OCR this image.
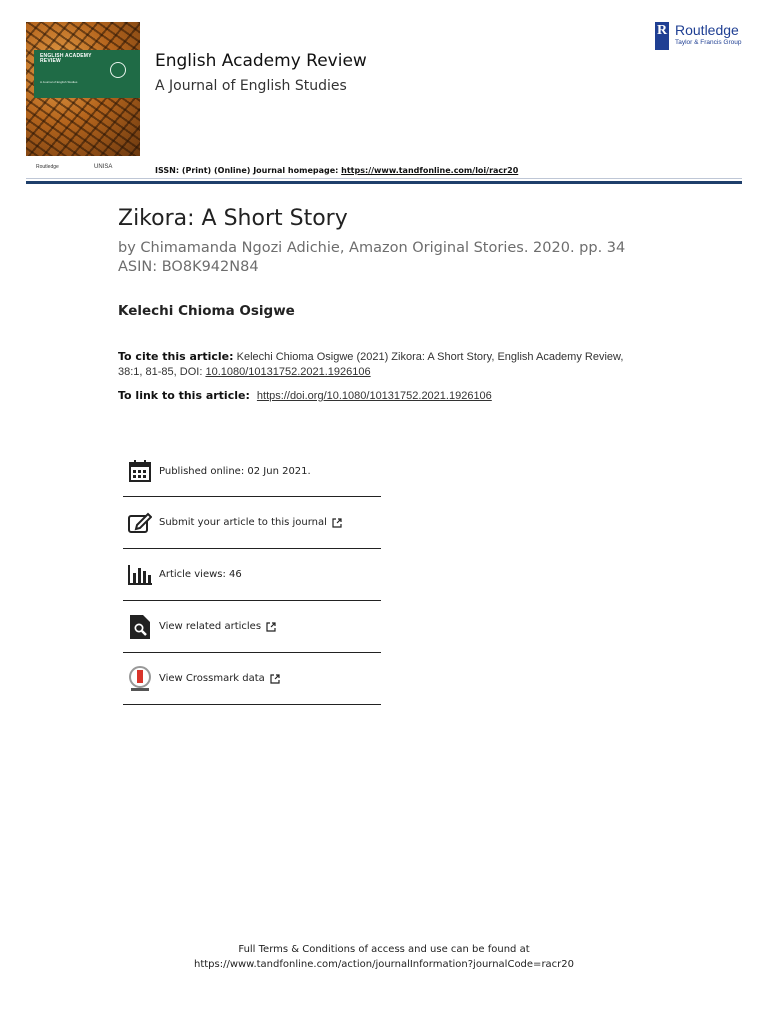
ENGLISH ACADEMY REVIEW
A Journal of English Studies
Routledge	UNISA
English Academy Review
A Journal of English Studies
ISSN: (Print) (Online) Journal homepage: https://www.tandfonline.com/loi/racr20
R Routledge
Taylor & Francis Group
Zikora: A Short Story
by Chimamanda Ngozi Adichie, Amazon Original Stories. 2020. pp. 34 ASIN: BO8K942N84
Kelechi Chioma Osigwe
To cite this article: Kelechi Chioma Osigwe (2021) Zikora: A Short Story, English Academy Review, 38:1, 81-85, DOI: 10.1080/10131752.2021.1926106
To link to this article: https://doi.org/10.1080/10131752.2021.1926106
Published online: 02 Jun 2021.
Submit your article to this journal
Article views: 46
View related articles
View Crossmark data
Full Terms & Conditions of access and use can be found at
https://www.tandfonline.com/action/journalInformation?journalCode=racr20
